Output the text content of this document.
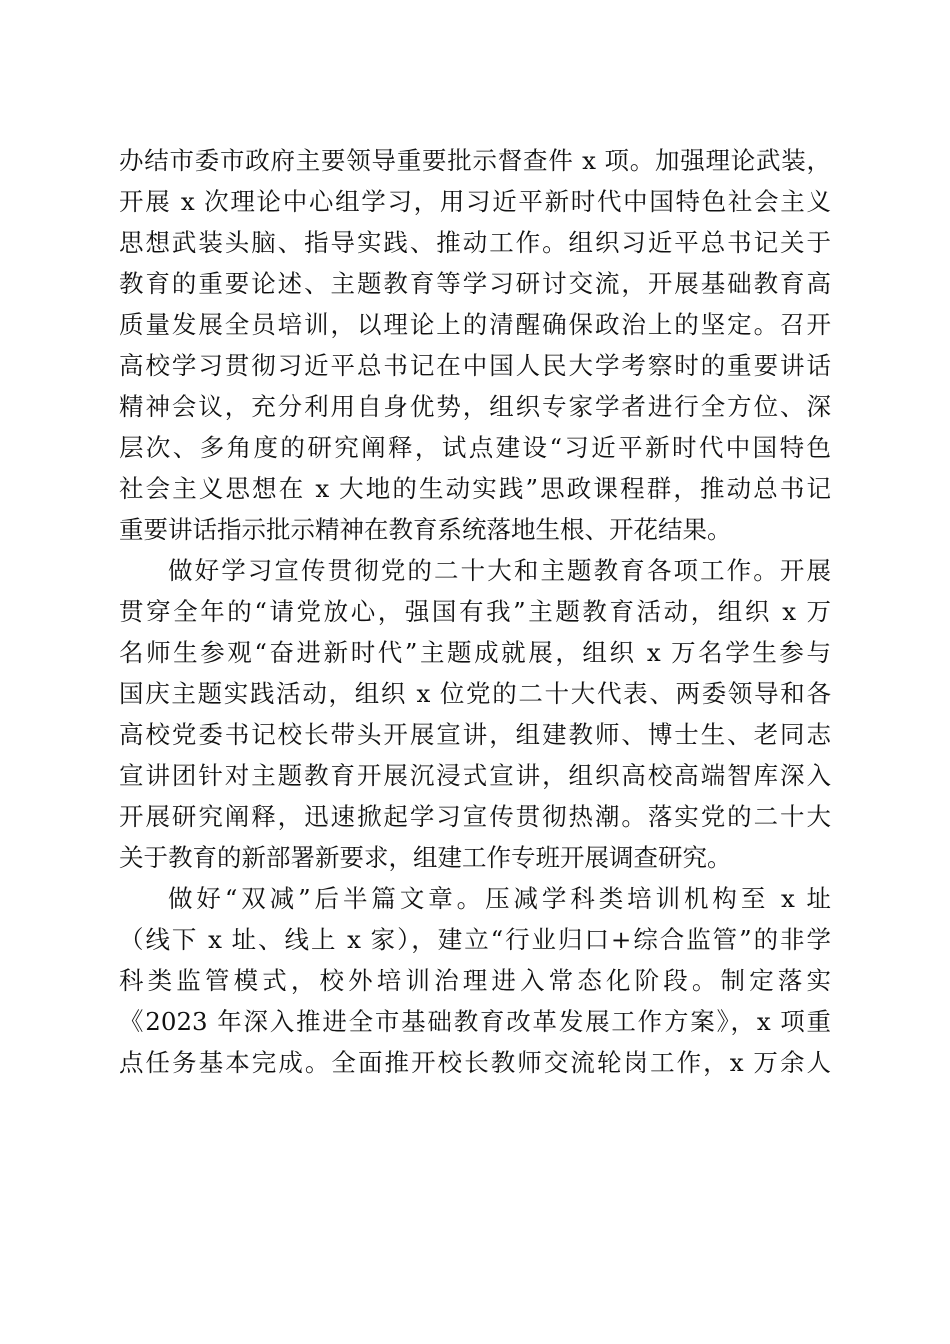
办结市委市政府主要领导重要批示督查件 x 项。加强理论武装，
开展 x 次理论中心组学习，用习近平新时代中国特色社会主义
思想武装头脑、指导实践、推动工作。组织习近平总书记关于
教育的重要论述、主题教育等学习研讨交流，开展基础教育高
质量发展全员培训，以理论上的清醒确保政治上的坚定。召开
高校学习贯彻习近平总书记在中国人民大学考察时的重要讲话
精神会议，充分利用自身优势，组织专家学者进行全方位、深
层次、多角度的研究阐释，试点建设“习近平新时代中国特色
社会主义思想在 x 大地的生动实践”思政课程群，推动总书记
重要讲话指示批示精神在教育系统落地生根、开花结果。

做好学习宣传贯彻党的二十大和主题教育各项工作。开展
贯穿全年的“请党放心，强国有我”主题教育活动，组织 x 万
名师生参观“奋进新时代”主题成就展，组织 x 万名学生参与
国庆主题实践活动，组织 x 位党的二十大代表、两委领导和各
高校党委书记校长带头开展宣讲，组建教师、博士生、老同志
宣讲团针对主题教育开展沉浸式宣讲，组织高校高端智库深入
开展研究阐释，迅速掀起学习宣传贯彻热潮。落实党的二十大
关于教育的新部署新要求，组建工作专班开展调查研究。

做好“双减”后半篇文章。压减学科类培训机构至 x 址
（线下 x 址、线上 x 家），建立“行业归口+综合监管”的非学
科类监管模式，校外培训治理进入常态化阶段。制定落实
《2023 年深入推进全市基础教育改革发展工作方案》，x 项重
点任务基本完成。全面推开校长教师交流轮岗工作，x 万余人
